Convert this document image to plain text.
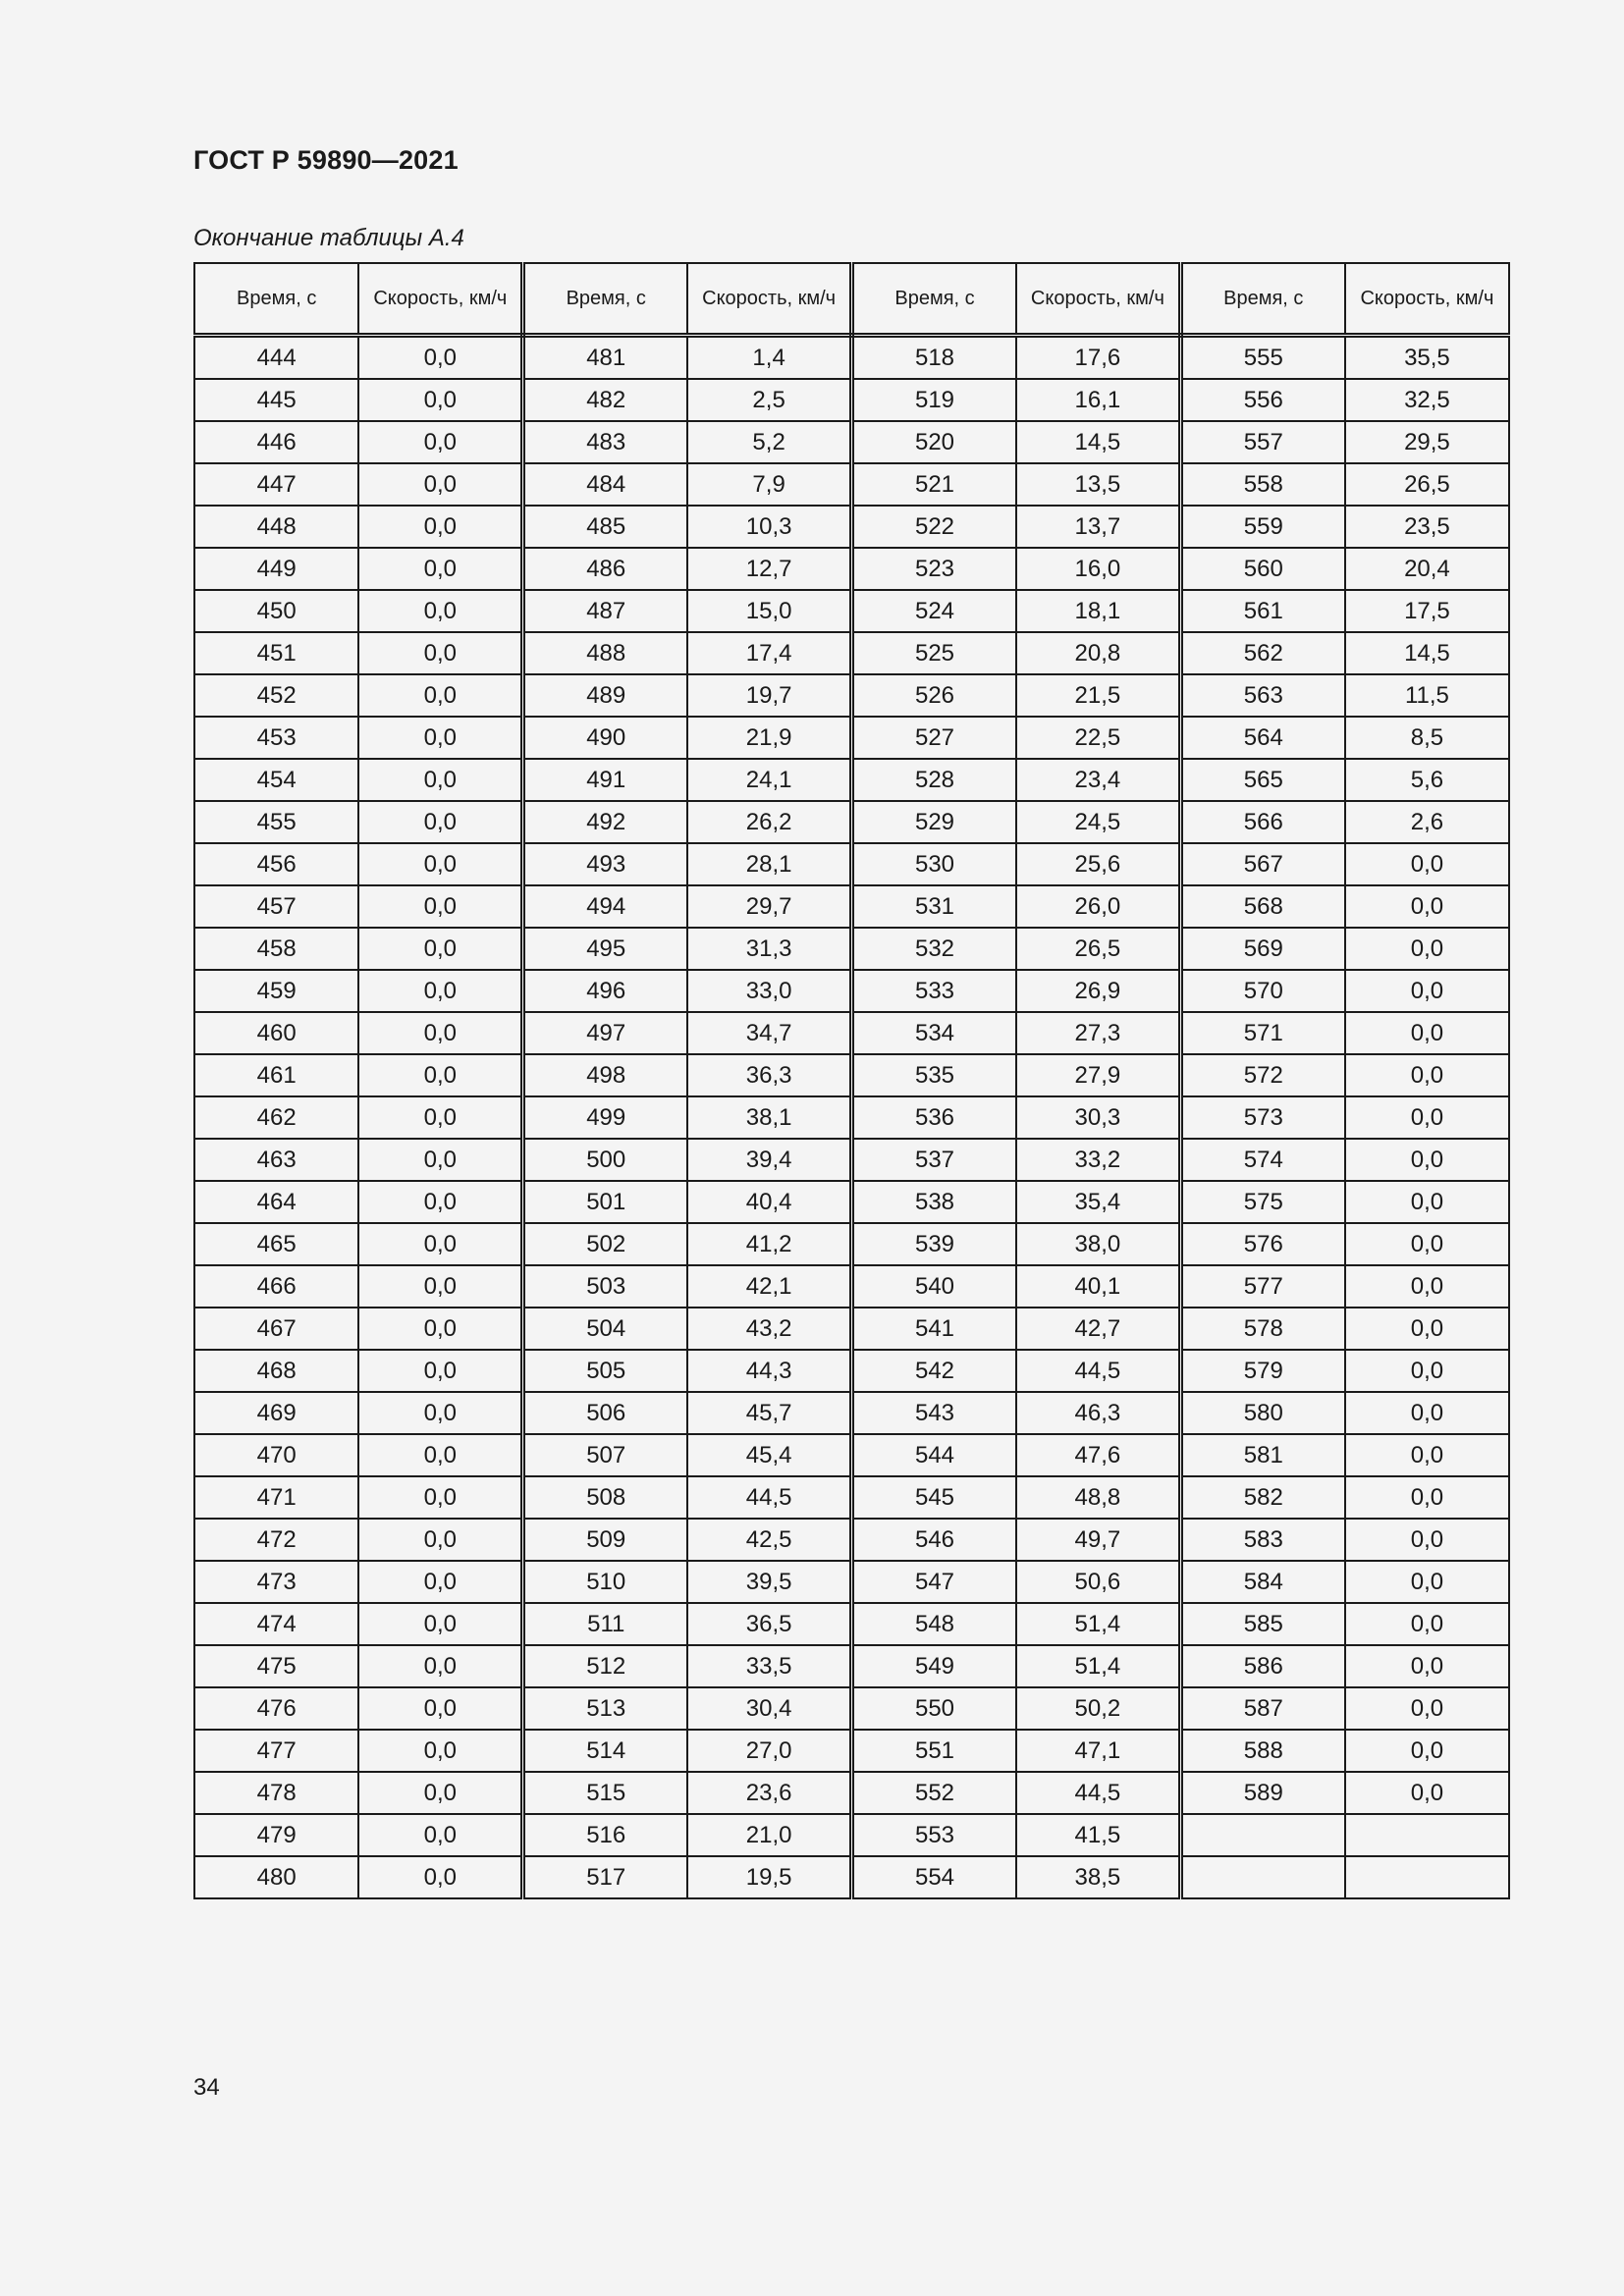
ГОСТ Р 59890—2021
Окончание таблицы А.4
Время, с	Скорость, км/ч	Время, с	Скорость, км/ч	Время, с	Скорость, км/ч	Время, с	Скорость, км/ч
444	0,0	481	1,4	518	17,6	555	35,5
445	0,0	482	2,5	519	16,1	556	32,5
446	0,0	483	5,2	520	14,5	557	29,5
447	0,0	484	7,9	521	13,5	558	26,5
448	0,0	485	10,3	522	13,7	559	23,5
449	0,0	486	12,7	523	16,0	560	20,4
450	0,0	487	15,0	524	18,1	561	17,5
451	0,0	488	17,4	525	20,8	562	14,5
452	0,0	489	19,7	526	21,5	563	11,5
453	0,0	490	21,9	527	22,5	564	8,5
454	0,0	491	24,1	528	23,4	565	5,6
455	0,0	492	26,2	529	24,5	566	2,6
456	0,0	493	28,1	530	25,6	567	0,0
457	0,0	494	29,7	531	26,0	568	0,0
458	0,0	495	31,3	532	26,5	569	0,0
459	0,0	496	33,0	533	26,9	570	0,0
460	0,0	497	34,7	534	27,3	571	0,0
461	0,0	498	36,3	535	27,9	572	0,0
462	0,0	499	38,1	536	30,3	573	0,0
463	0,0	500	39,4	537	33,2	574	0,0
464	0,0	501	40,4	538	35,4	575	0,0
465	0,0	502	41,2	539	38,0	576	0,0
466	0,0	503	42,1	540	40,1	577	0,0
467	0,0	504	43,2	541	42,7	578	0,0
468	0,0	505	44,3	542	44,5	579	0,0
469	0,0	506	45,7	543	46,3	580	0,0
470	0,0	507	45,4	544	47,6	581	0,0
471	0,0	508	44,5	545	48,8	582	0,0
472	0,0	509	42,5	546	49,7	583	0,0
473	0,0	510	39,5	547	50,6	584	0,0
474	0,0	511	36,5	548	51,4	585	0,0
475	0,0	512	33,5	549	51,4	586	0,0
476	0,0	513	30,4	550	50,2	587	0,0
477	0,0	514	27,0	551	47,1	588	0,0
478	0,0	515	23,6	552	44,5	589	0,0
479	0,0	516	21,0	553	41,5		
480	0,0	517	19,5	554	38,5		
34
